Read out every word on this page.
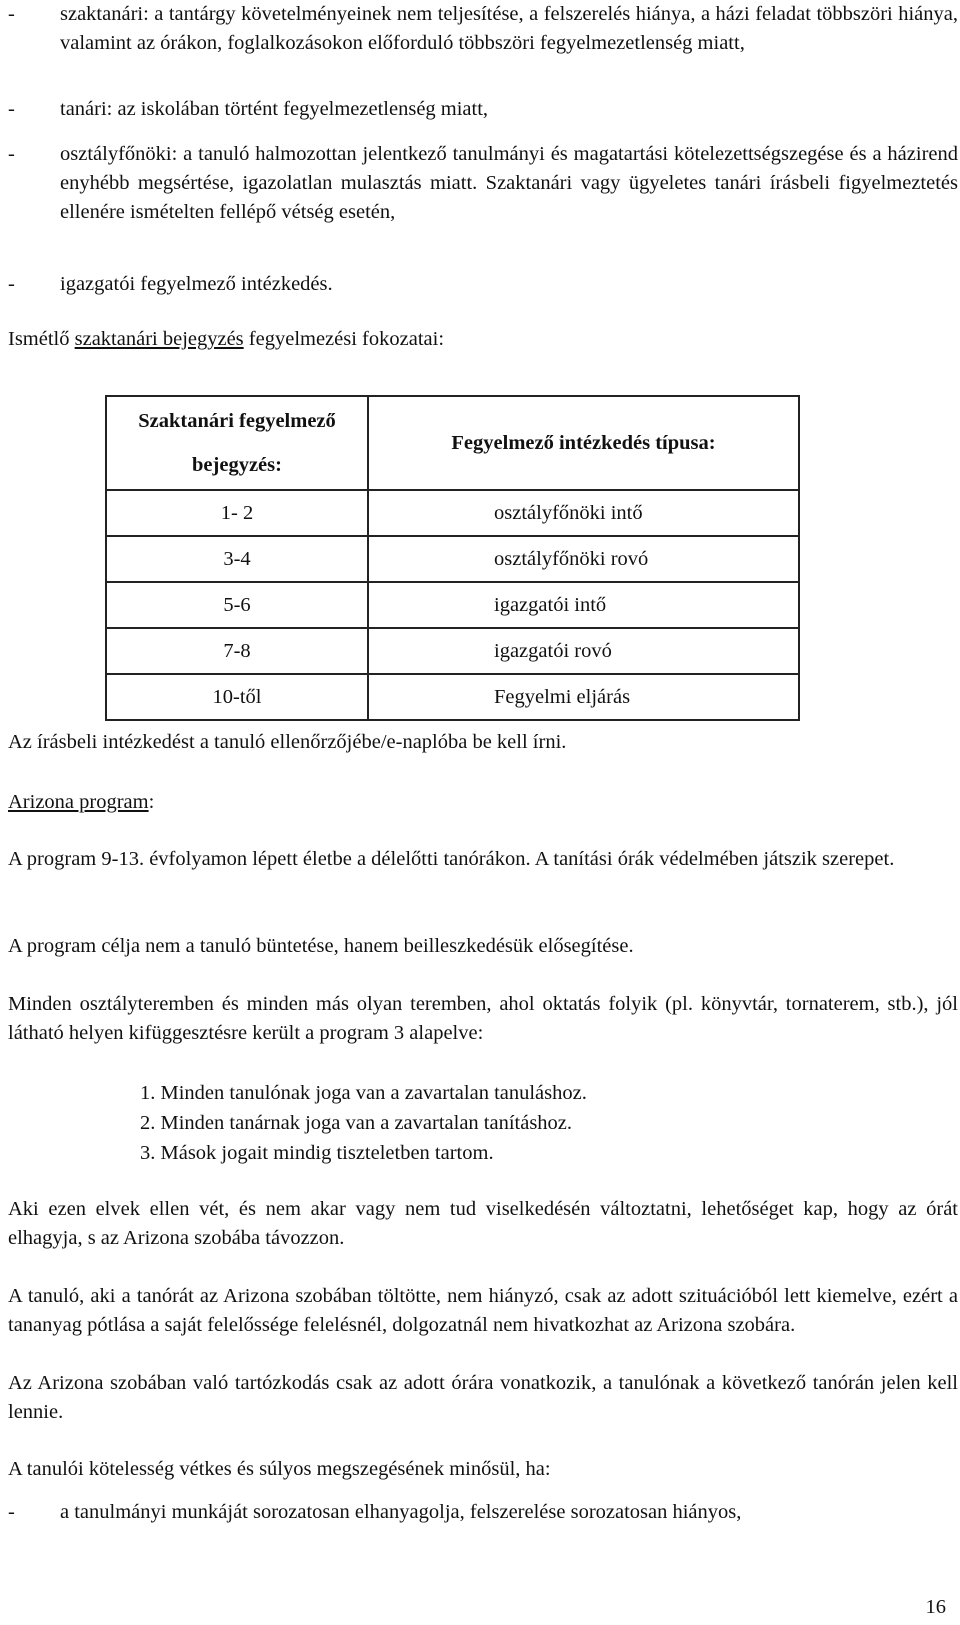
- szaktanári: a tantárgy követelményeinek nem teljesítése, a felszerelés hiánya, a házi feladat többszöri hiánya, valamint az órákon, foglalkozásokon előforduló többszöri fegyelmezetlenség miatt,
- tanári: az iskolában történt fegyelmezetlenség miatt,
- osztályfőnöki: a tanuló halmozottan jelentkező tanulmányi és magatartási kötelezettségszegése és a házirend enyhébb megsértése, igazolatlan mulasztás miatt. Szaktanári vagy ügyeletes tanári írásbeli figyelmeztetés ellenére ismételten fellépő vétség esetén,
- igazgatói fegyelmező intézkedés.
Ismétlő szaktanári bejegyzés fegyelmezési fokozatai:
Szaktanári fegyelmező bejegyzés:	Fegyelmező intézkedés típusa:
1- 2	osztályfőnöki intő
3-4	osztályfőnöki rovó
5-6	igazgatói intő
7-8	igazgatói rovó
10-től	Fegyelmi eljárás
Az írásbeli intézkedést a tanuló ellenőrzőjébe/e-naplóba be kell írni.
Arizona program:
A program 9-13. évfolyamon lépett életbe a délelőtti tanórákon. A tanítási órák védelmében játszik szerepet.
A program célja nem a tanuló büntetése, hanem beilleszkedésük elősegítése.
Minden osztályteremben és minden más olyan teremben, ahol oktatás folyik (pl. könyvtár, tornaterem, stb.), jól látható helyen kifüggesztésre került a program 3 alapelve:
1. Minden tanulónak joga van a zavartalan tanuláshoz.
2. Minden tanárnak joga van a zavartalan tanításhoz.
3. Mások jogait mindig tiszteletben tartom.
Aki ezen elvek ellen vét, és nem akar vagy nem tud viselkedésén változtatni, lehetőséget kap, hogy az órát elhagyja, s az Arizona szobába távozzon.
A tanuló, aki a tanórát az Arizona szobában töltötte, nem hiányzó, csak az adott szituációból lett kiemelve, ezért a tananyag pótlása a saját felelőssége felelésnél, dolgozatnál nem hivatkozhat az Arizona szobára.
Az Arizona szobában való tartózkodás csak az adott órára vonatkozik, a tanulónak a következő tanórán jelen kell lennie.
A tanulói kötelesség vétkes és súlyos megszegésének minősül, ha:
- a tanulmányi munkáját sorozatosan elhanyagolja, felszerelése sorozatosan hiányos,
16
